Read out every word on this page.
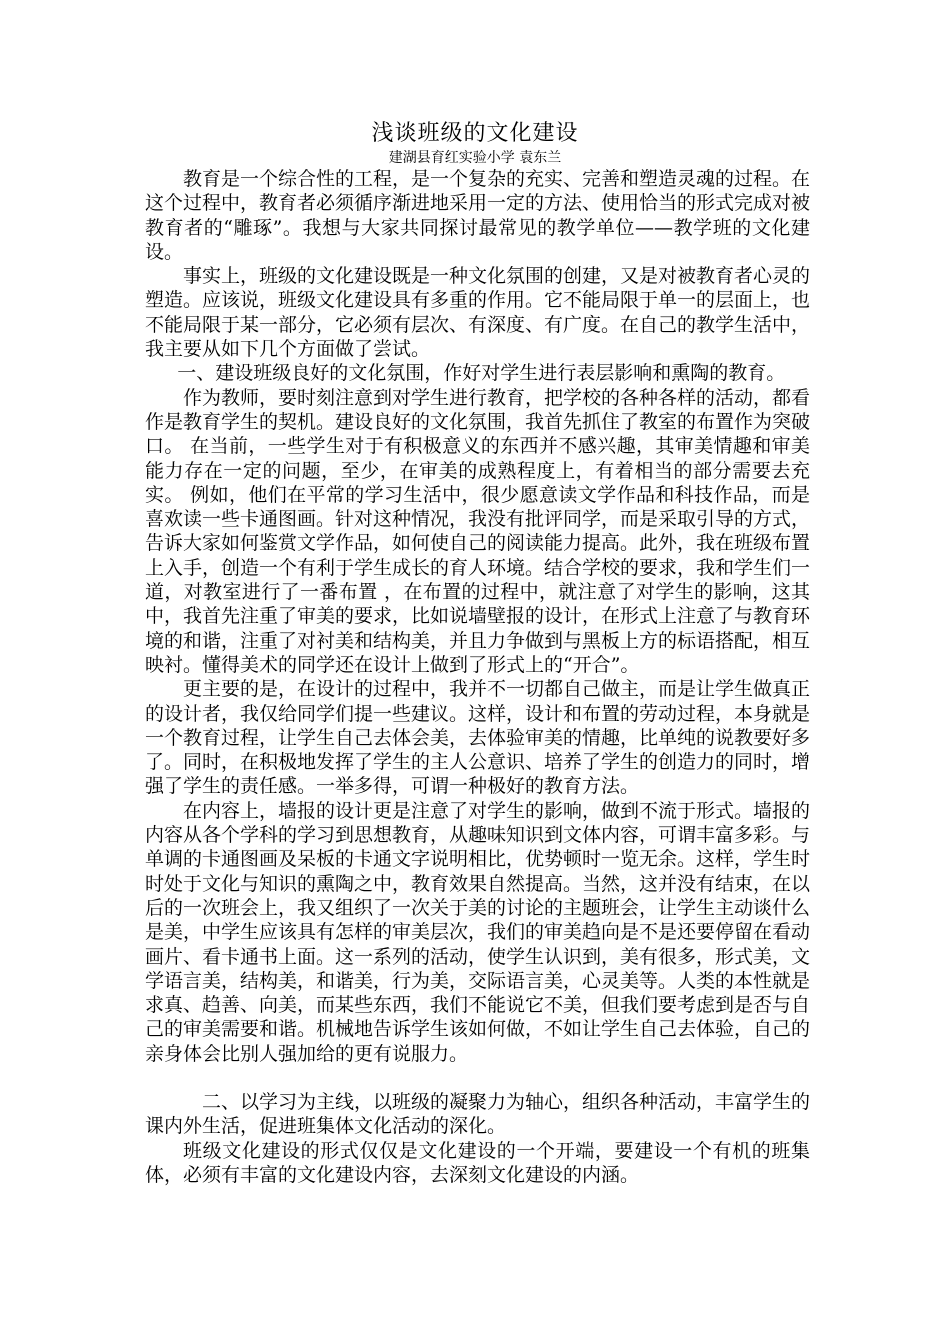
浅谈班级的文化建设
建湖县育红实验小学 袁东兰

教育是一个综合性的工程，是一个复杂的充实、完善和塑造灵魂的过程。在这个过程中，教育者必须循序渐进地采用一定的方法、使用恰当的形式完成对被教育者的“雕琢”。我想与大家共同探讨最常见的教学单位——教学班的文化建设。

事实上，班级的文化建设既是一种文化氛围的创建，又是对被教育者心灵的塑造。应该说，班级文化建设具有多重的作用。它不能局限于单一的层面上，也不能局限于某一部分，它必须有层次、有深度、有广度。在自己的教学生活中，我主要从如下几个方面做了尝试。

一、建设班级良好的文化氛围，作好对学生进行表层影响和熏陶的教育。

作为教师，要时刻注意到对学生进行教育，把学校的各种各样的活动，都看作是教育学生的契机。建设良好的文化氛围，我首先抓住了教室的布置作为突破口。 在当前，一些学生对于有积极意义的东西并不感兴趣，其审美情趣和审美能力存在一定的问题，至少，在审美的成熟程度上，有着相当的部分需要去充实。 例如，他们在平常的学习生活中，很少愿意读文学作品和科技作品，而是喜欢读一些卡通图画。针对这种情况，我没有批评同学，而是采取引导的方式，告诉大家如何鉴赏文学作品，如何使自己的阅读能力提高。此外，我在班级布置上入手，创造一个有利于学生成长的育人环境。结合学校的要求，我和学生们一道，对教室进行了一番布置 ，在布置的过程中，就注意了对学生的影响，这其中，我首先注重了审美的要求，比如说墙壁报的设计，在形式上注意了与教育环境的和谐，注重了对衬美和结构美，并且力争做到与黑板上方的标语搭配，相互映衬。懂得美术的同学还在设计上做到了形式上的“开合”。

更主要的是，在设计的过程中，我并不一切都自己做主，而是让学生做真正的设计者，我仅给同学们提一些建议。这样，设计和布置的劳动过程，本身就是一个教育过程，让学生自己去体会美，去体验审美的情趣，比单纯的说教要好多了。同时，在积极地发挥了学生的主人公意识、培养了学生的创造力的同时，增强了学生的责任感。一举多得，可谓一种极好的教育方法。

在内容上，墙报的设计更是注意了对学生的影响，做到不流于形式。墙报的内容从各个学科的学习到思想教育，从趣味知识到文体内容，可谓丰富多彩。与单调的卡通图画及呆板的卡通文字说明相比，优势顿时一览无余。这样，学生时时处于文化与知识的熏陶之中，教育效果自然提高。当然，这并没有结束，在以后的一次班会上，我又组织了一次关于美的讨论的主题班会，让学生主动谈什么是美，中学生应该具有怎样的审美层次，我们的审美趋向是不是还要停留在看动画片、看卡通书上面。这一系列的活动，使学生认识到，美有很多，形式美，文学语言美，结构美，和谐美，行为美，交际语言美，心灵美等。人类的本性就是求真、趋善、向美，而某些东西，我们不能说它不美，但我们要考虑到是否与自己的审美需要和谐。机械地告诉学生该如何做，不如让学生自己去体验，自己的亲身体会比别人强加给的更有说服力。

二、以学习为主线，以班级的凝聚力为轴心，组织各种活动，丰富学生的课内外生活，促进班集体文化活动的深化。

班级文化建设的形式仅仅是文化建设的一个开端，要建设一个有机的班集体，必须有丰富的文化建设内容，去深刻文化建设的内涵。
